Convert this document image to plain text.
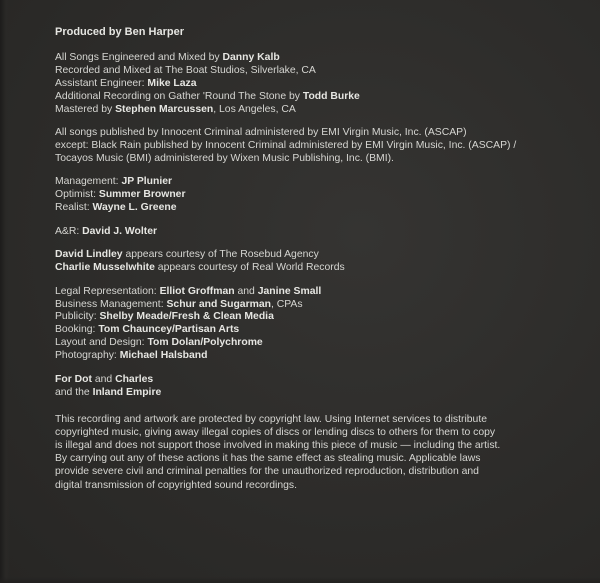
Produced by Ben Harper
All Songs Engineered and Mixed by Danny Kalb
Recorded and Mixed at The Boat Studios, Silverlake, CA
Assistant Engineer: Mike Laza
Additional Recording on Gather 'Round The Stone by Todd Burke
Mastered by Stephen Marcussen, Los Angeles, CA
All songs published by Innocent Criminal administered by EMI Virgin Music, Inc. (ASCAP)
except: Black Rain published by Innocent Criminal administered by EMI Virgin Music, Inc. (ASCAP) /
Tocayos Music (BMI) administered by Wixen Music Publishing, Inc. (BMI).
Management: JP Plunier
Optimist: Summer Browner
Realist: Wayne L. Greene
A&R: David J. Wolter
David Lindley appears courtesy of The Rosebud Agency
Charlie Musselwhite appears courtesy of Real World Records
Legal Representation: Elliot Groffman and Janine Small
Business Management: Schur and Sugarman, CPAs
Publicity: Shelby Meade/Fresh & Clean Media
Booking: Tom Chauncey/Partisan Arts
Layout and Design: Tom Dolan/Polychrome
Photography: Michael Halsband
For Dot and Charles
and the Inland Empire
This recording and artwork are protected by copyright law. Using Internet services to distribute
copyrighted music, giving away illegal copies of discs or lending discs to others for them to copy
is illegal and does not support those involved in making this piece of music — including the artist.
By carrying out any of these actions it has the same effect as stealing music. Applicable laws
provide severe civil and criminal penalties for the unauthorized reproduction, distribution and
digital transmission of copyrighted sound recordings.
